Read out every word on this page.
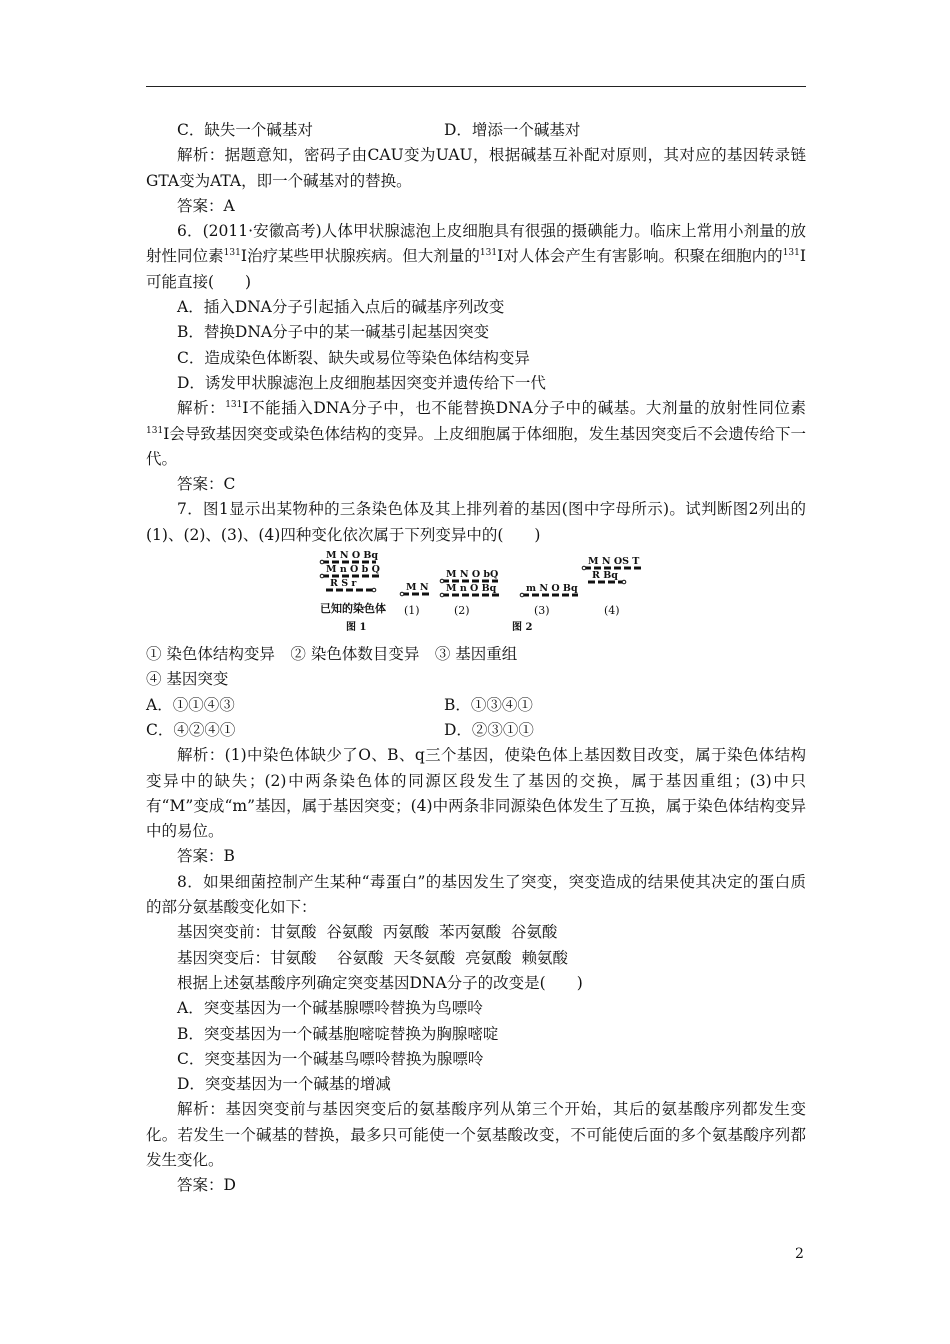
C．缺失一个碱基对	D．增添一个碱基对

解析：据题意知，密码子由CAU变为UAU，根据碱基互补配对原则，其对应的基因转录链GTA变为ATA，即一个碱基对的替换。

答案：A

6．(2011·安徽高考)人体甲状腺滤泡上皮细胞具有很强的摄碘能力。临床上常用小剂量的放射性同位素$^{131}$I治疗某些甲状腺疾病。但大剂量的$^{131}$I对人体会产生有害影响。积聚在细胞内的$^{131}$I可能直接(　　)

A．插入DNA分子引起插入点后的碱基序列改变
B．替换DNA分子中的某一碱基引起基因突变
C．造成染色体断裂、缺失或易位等染色体结构变异
D．诱发甲状腺滤泡上皮细胞基因突变并遗传给下一代

解析：$^{131}$I不能插入DNA分子中，也不能替换DNA分子中的碱基。大剂量的放射性同位素$^{131}$I会导致基因突变或染色体结构的变异。上皮细胞属于体细胞，发生基因突变后不会遗传给下一代。

答案：C

7．图1显示出某物种的三条染色体及其上排列着的基因(图中字母所示)。试判断图2列出的(1)、(2)、(3)、(4)四种变化依次属于下列变异中的(　　)

M N O Bq
M n O b Q
R S r	M N
M N O bQ
M n O Bq	m N O Bq
M N OS T
R Bq
已知的染色体
图 1
(1)	(2)	(3)	(4)
图 2
① 染色体结构变异　② 染色体数目变异　③ 基因重组
④ 基因突变
A．①①④③	B．①③④①
C．④②④①	D．②③①①

解析：(1)中染色体缺少了O、B、q三个基因，使染色体上基因数目改变，属于染色体结构变异中的缺失；(2)中两条染色体的同源区段发生了基因的交换，属于基因重组；(3)中只有“M”变成“m”基因，属于基因突变；(4)中两条非同源染色体发生了互换，属于染色体结构变异中的易位。

答案：B

8．如果细菌控制产生某种“毒蛋白”的基因发生了突变，突变造成的结果使其决定的蛋白质的部分氨基酸变化如下：

基因突变前：甘氨酸  谷氨酸  丙氨酸  苯丙氨酸  谷氨酸
基因突变后：甘氨酸　 谷氨酸  天冬氨酸  亮氨酸  赖氨酸
根据上述氨基酸序列确定突变基因DNA分子的改变是(　　)
A．突变基因为一个碱基腺嘌呤替换为鸟嘌呤
B．突变基因为一个碱基胞嘧啶替换为胸腺嘧啶
C．突变基因为一个碱基鸟嘌呤替换为腺嘌呤
D．突变基因为一个碱基的增减

解析：基因突变前与基因突变后的氨基酸序列从第三个开始，其后的氨基酸序列都发生变化。若发生一个碱基的替换，最多只可能使一个氨基酸改变，不可能使后面的多个氨基酸序列都发生变化。

答案：D
2
